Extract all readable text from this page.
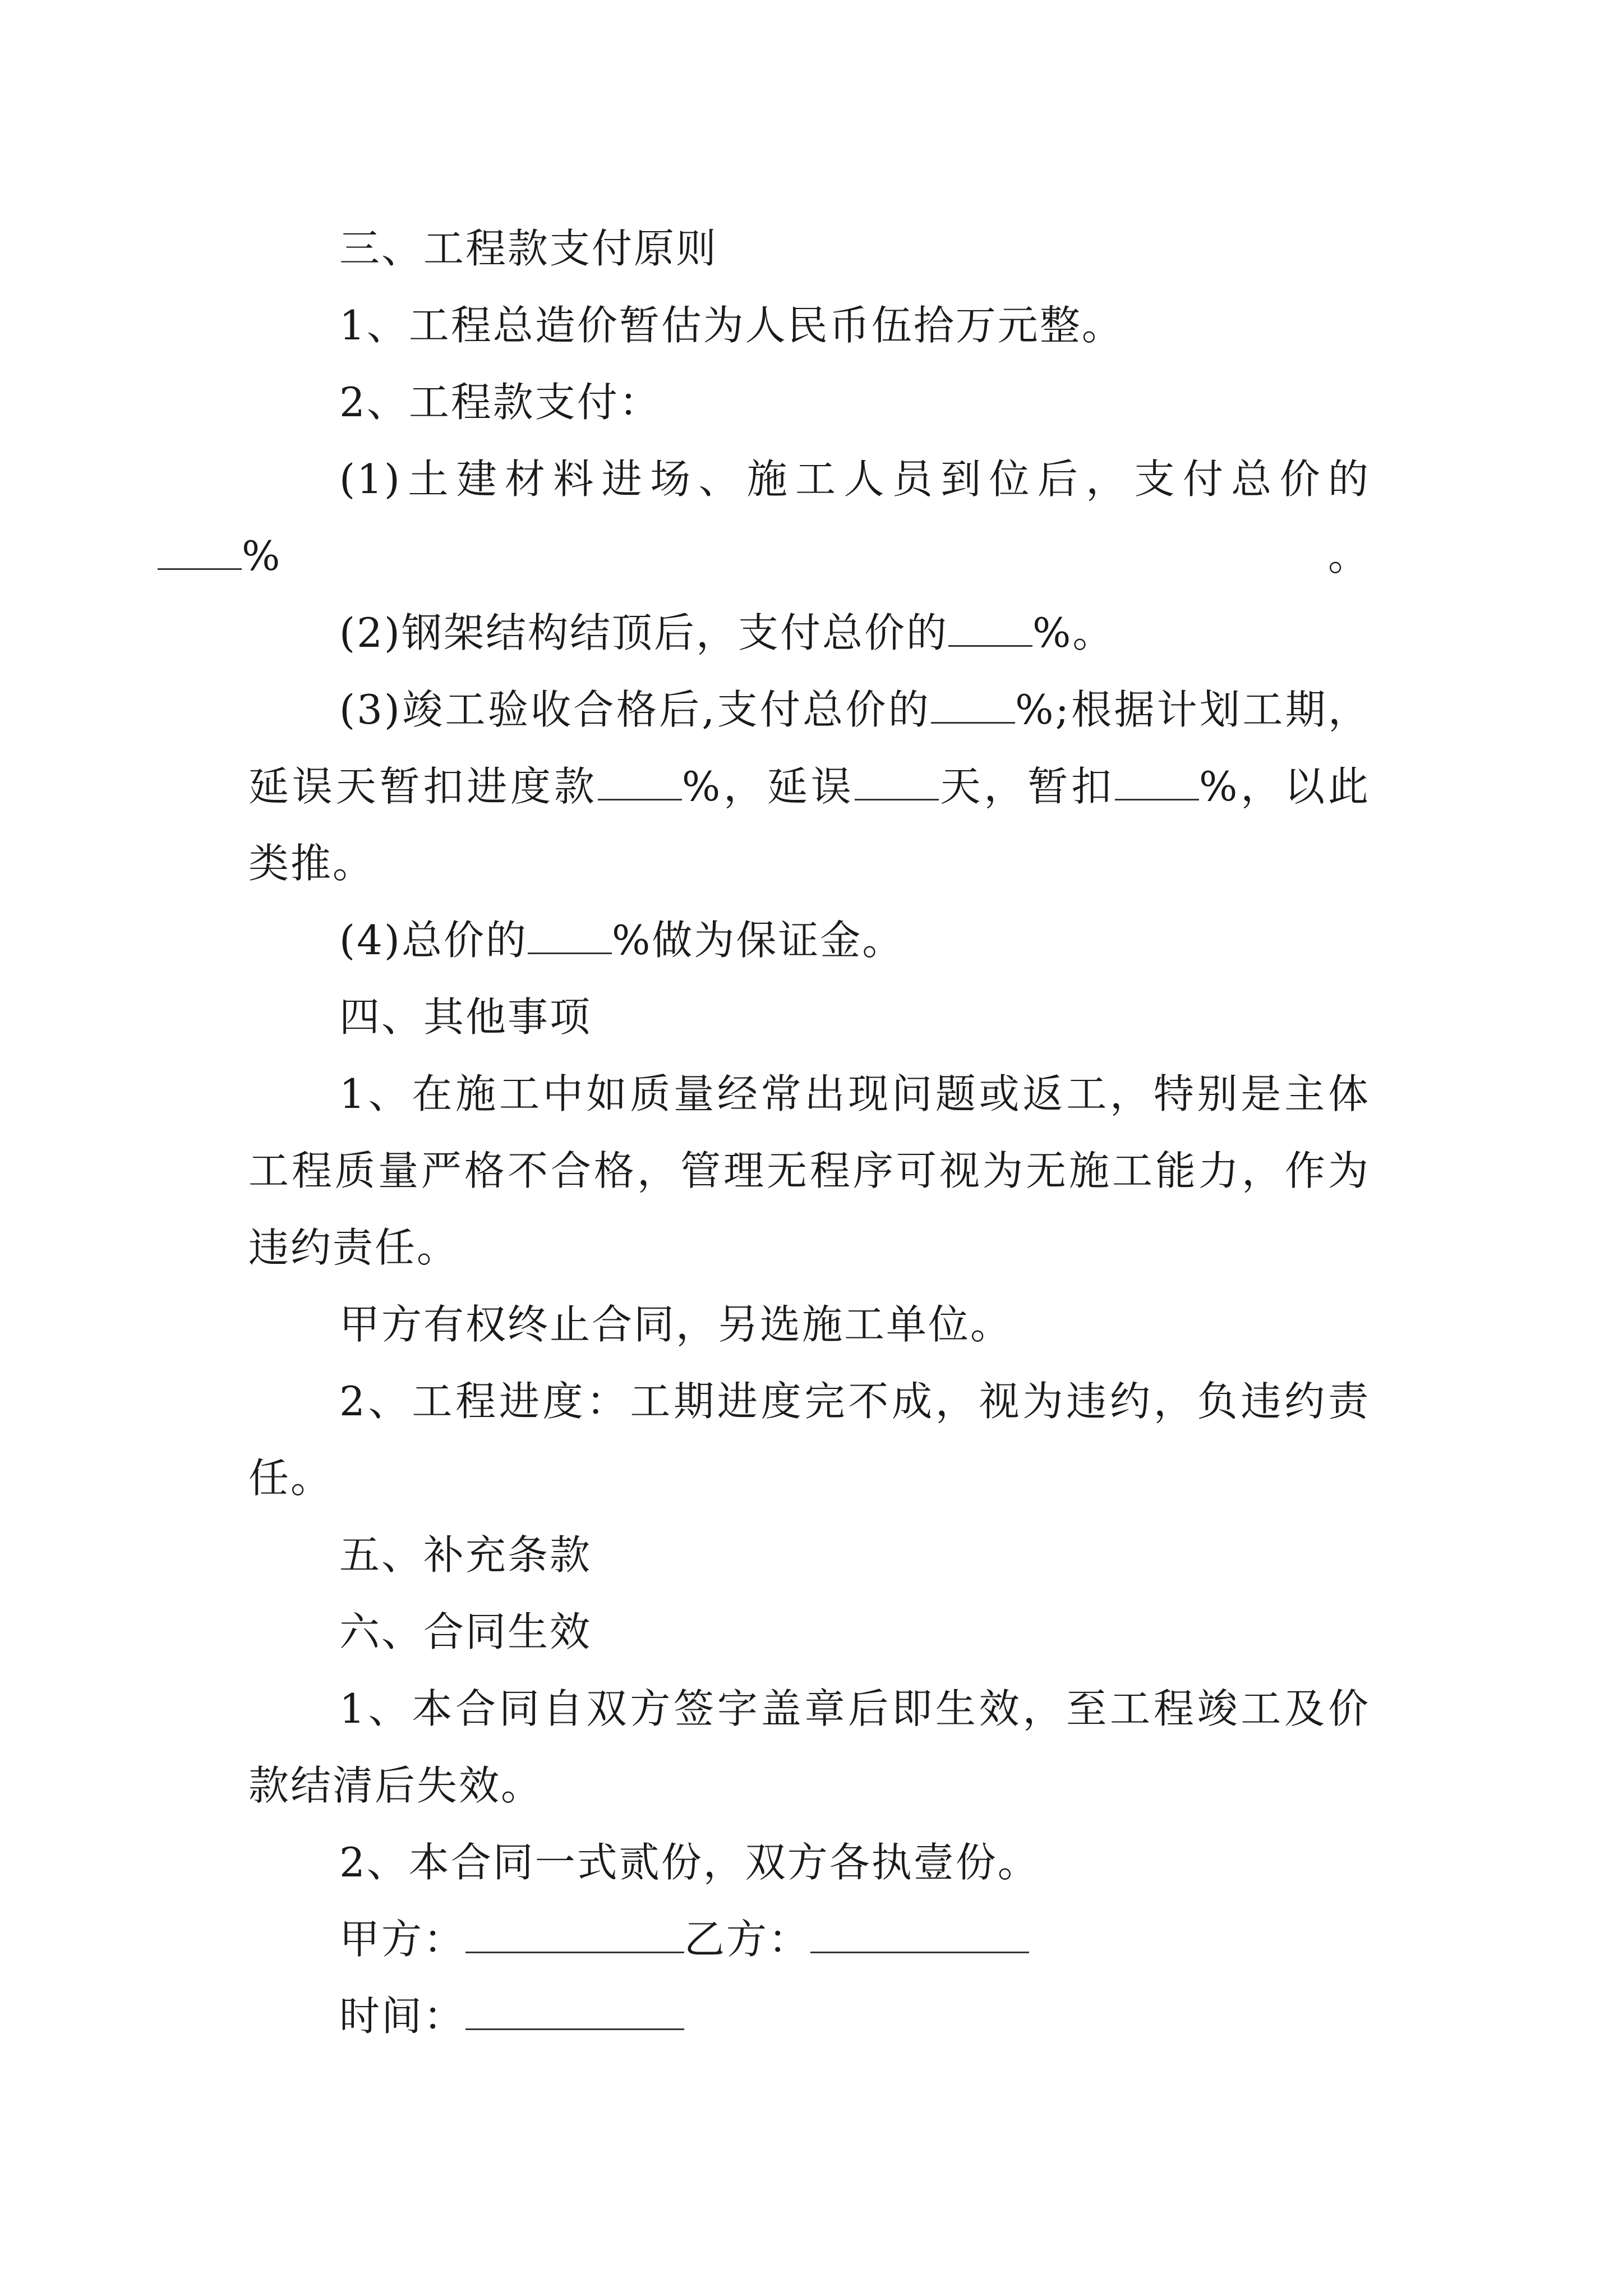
三、工程款支付原则

1、工程总造价暂估为人民币伍拾万元整。

2、工程款支付：

(1)土建材料进场、施工人员到位后，支付总价的
%。

(2)钢架结构结顶后，支付总价的 %。

(3)竣工验收合格后,支付总价的 %;根据计划工期，延误天暂扣进度款 %，延误 天，暂扣 %，以此类推。

(4)总价的 %做为保证金。

四、其他事项

1、在施工中如质量经常出现问题或返工，特别是主体工程质量严格不合格，管理无程序可视为无施工能力，作为违约责任。

甲方有权终止合同，另选施工单位。

2、工程进度：工期进度完不成，视为违约，负违约责任。

五、补充条款

六、合同生效

1、本合同自双方签字盖章后即生效，至工程竣工及价款结清后失效。

2、本合同一式贰份，双方各执壹份。

甲方：	乙方：

时间：
